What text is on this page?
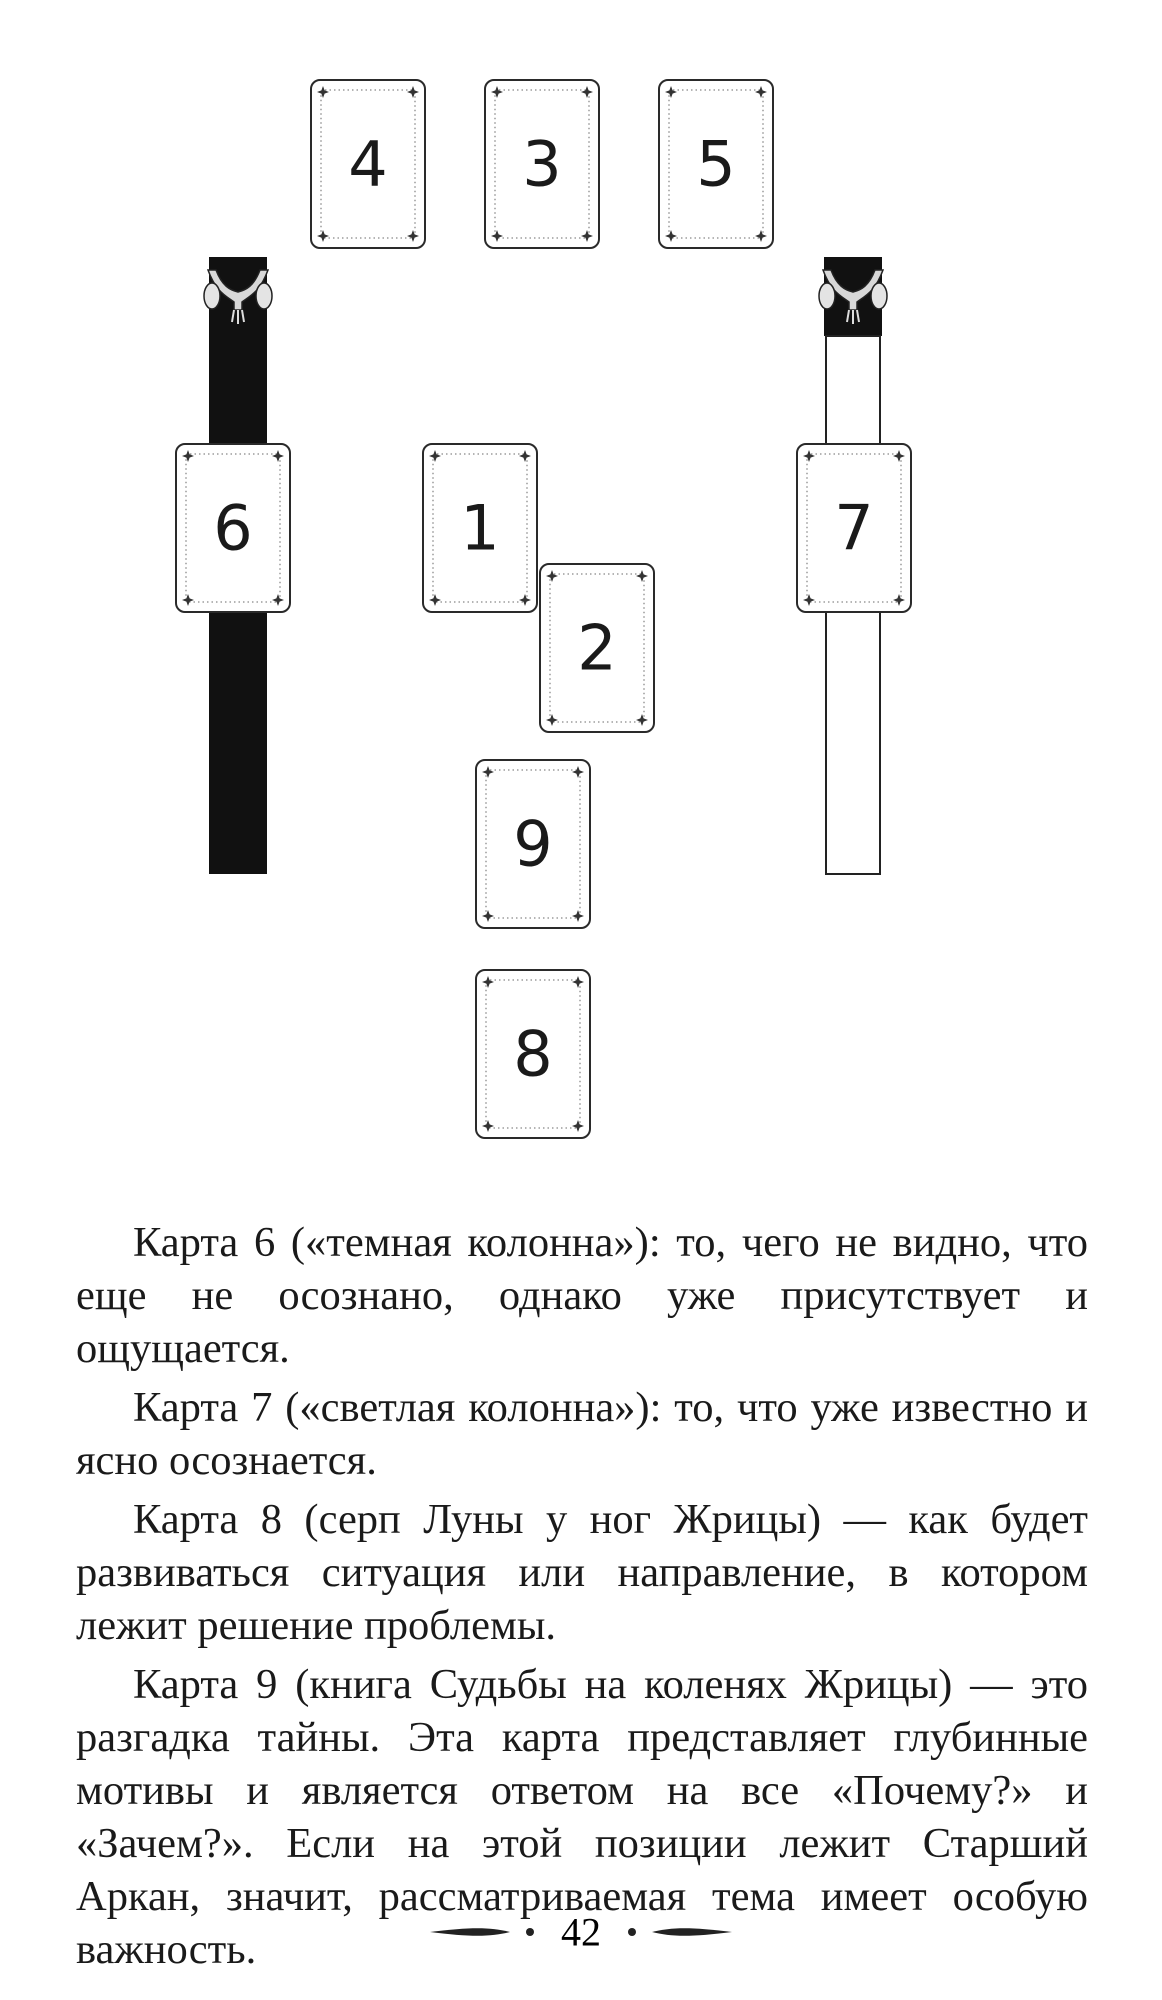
4 3 5
6	1
2
7
9
8

Карта 6 («темная колонна»): то, чего не видно, что еще не осознано, однако уже присутствует и ощущается.

Карта 7 («светлая колонна»): то, что уже известно и ясно осознается.

Карта 8 (серп Луны у ног Жрицы) — как будет развиваться ситуация или направление, в котором лежит решение проблемы.

Карта 9 (книга Судьбы на коленях Жрицы) — это разгадка тайны. Эта карта представляет глубинные мотивы и является ответом на все «Почему?» и «Зачем?». Если на этой позиции лежит Старший Аркан, значит, рассматриваемая тема имеет особую важность.	42
